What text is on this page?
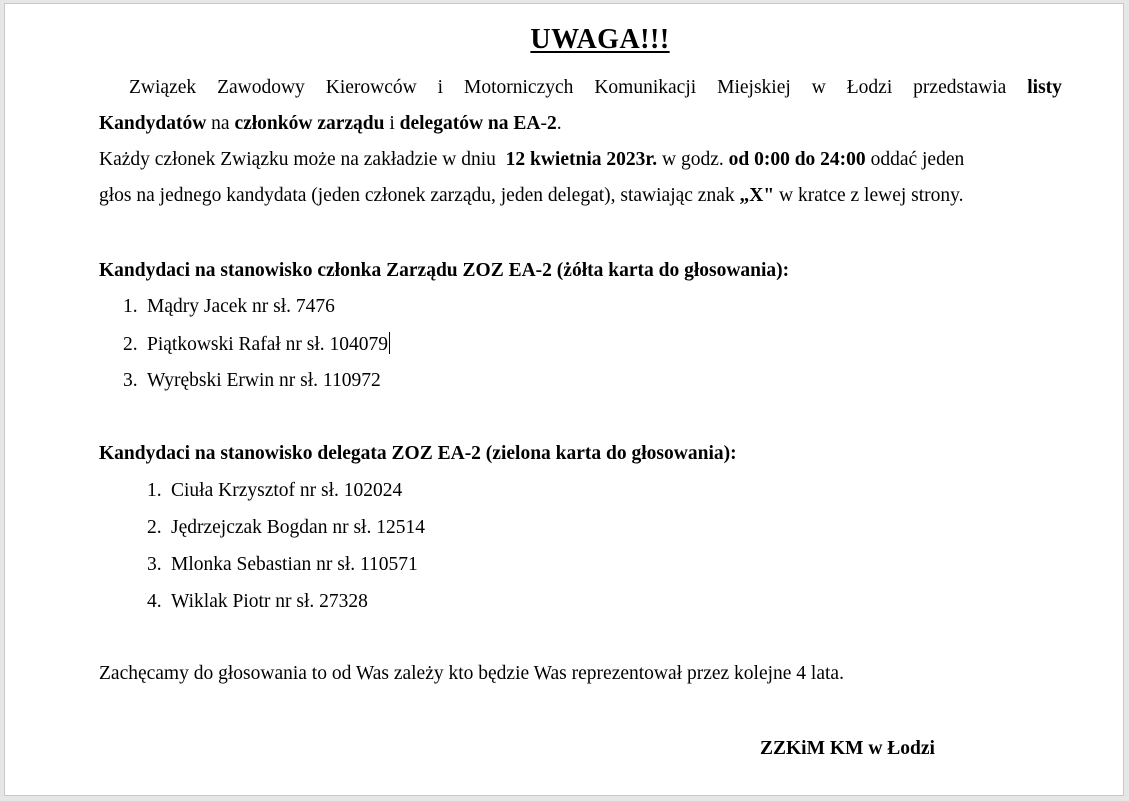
UWAGA!!!
Związek Zawodowy Kierowców i Motorniczych Komunikacji Miejskiej w Łodzi przedstawia listy
Kandydatów na członków zarządu i delegatów na EA-2.
Każdy członek Związku może na zakładzie w dniu  12 kwietnia 2023r. w godz. od 0:00 do 24:00 oddać jeden
głos na jednego kandydata (jeden członek zarządu, jeden delegat), stawiając znak „X" w kratce z lewej strony.
Kandydaci na stanowisko członka Zarządu ZOZ EA-2 (żółta karta do głosowania):
1. Mądry Jacek nr sł. 7476
2. Piątkowski Rafał nr sł. 104079
3. Wyrębski Erwin nr sł. 110972
Kandydaci na stanowisko delegata ZOZ EA-2 (zielona karta do głosowania):
1. Ciuła Krzysztof nr sł. 102024
2. Jędrzejczak Bogdan nr sł. 12514
3. Mlonka Sebastian nr sł. 110571
4. Wiklak Piotr nr sł. 27328
Zachęcamy do głosowania to od Was zależy kto będzie Was reprezentował przez kolejne 4 lata.
ZZKiM KM w Łodzi
